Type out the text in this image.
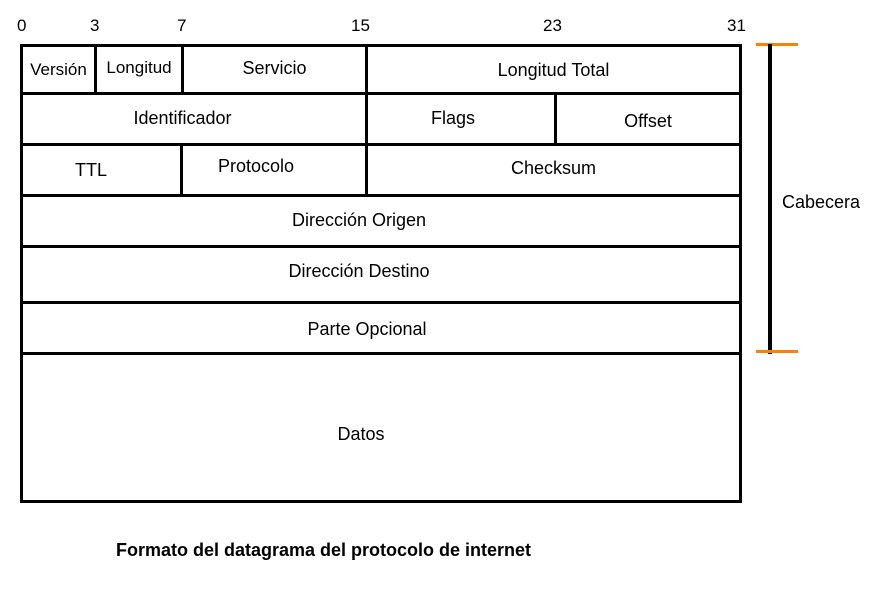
0	3	7	15	23	31
Versión	Longitud	Servicio	Longitud Total
Identificador	Flags	Offset
TTL	Protocolo	Checksum
Dirección Origen
Dirección Destino
Parte Opcional
Datos
Cabecera
Formato del datagrama del protocolo de internet
